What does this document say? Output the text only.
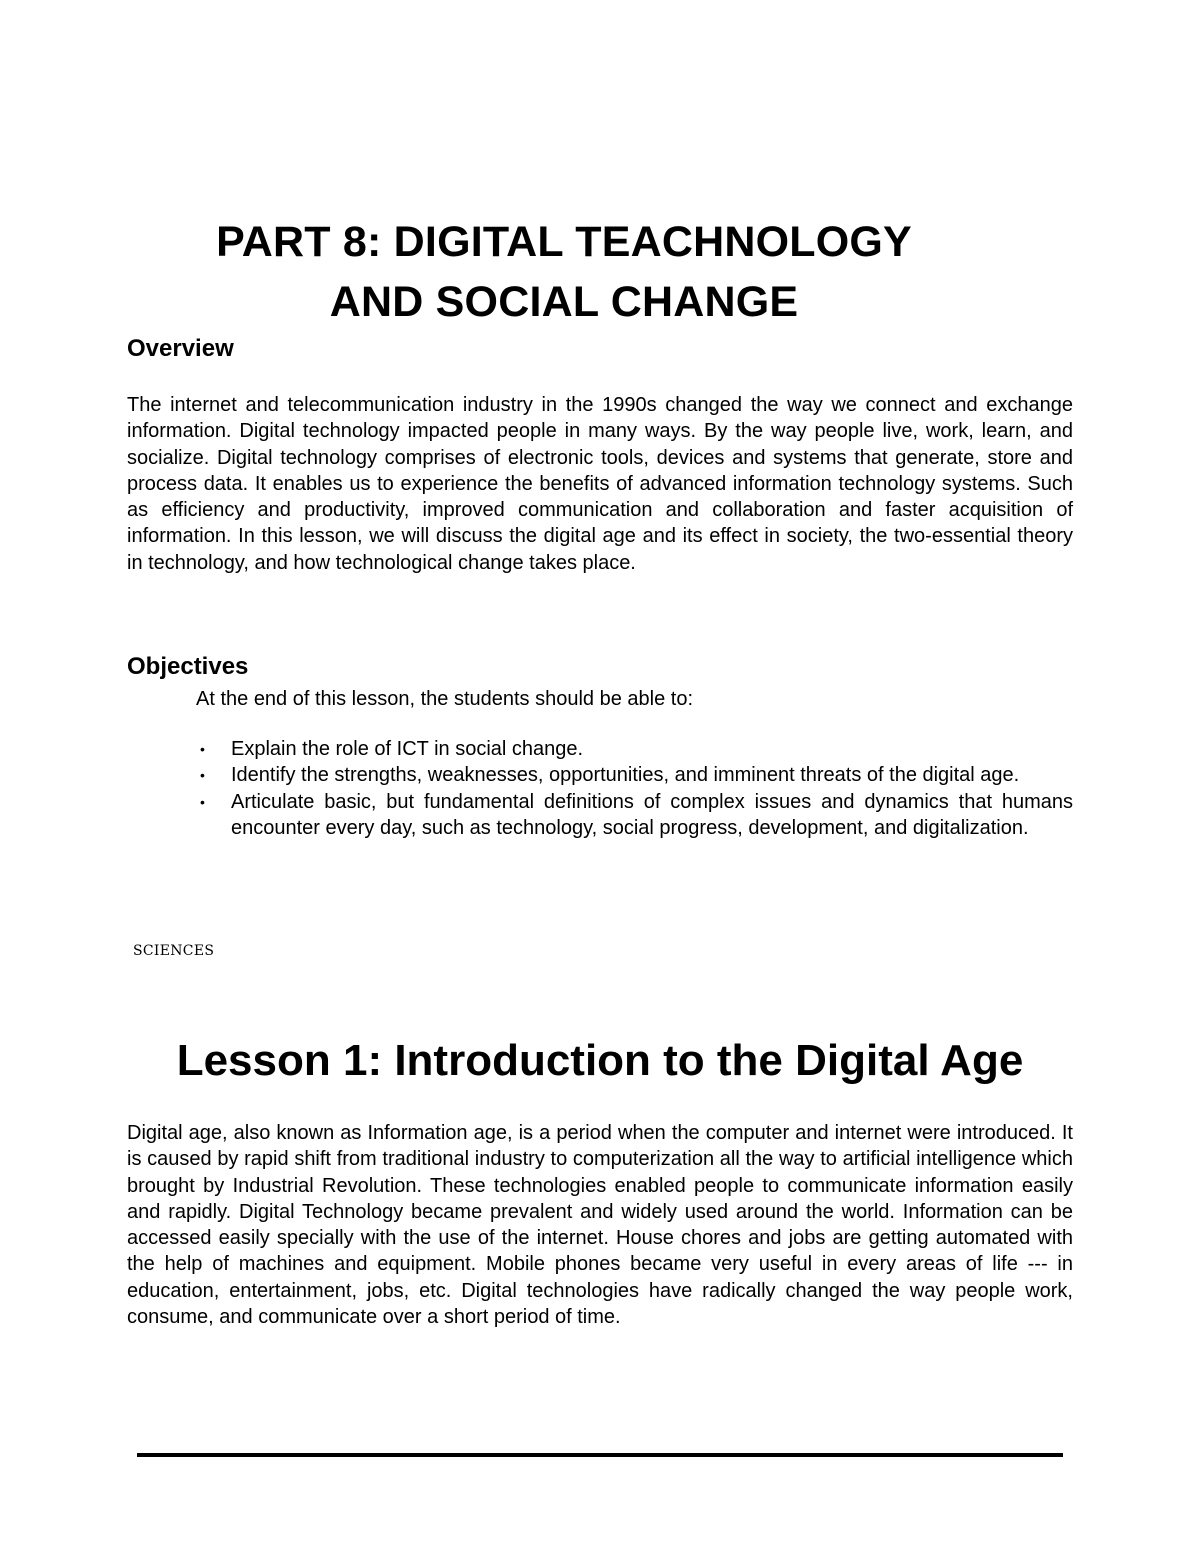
PART 8: DIGITAL TEACHNOLOGY
AND SOCIAL CHANGE
Overview

The internet and telecommunication industry in the 1990s changed the way we connect and exchange information. Digital technology impacted people in many ways. By the way people live, work, learn, and socialize. Digital technology comprises of electronic tools, devices and systems that generate, store and process data. It enables us to experience the benefits of advanced information technology systems. Such as efficiency and productivity, improved communication and collaboration and faster acquisition of information. In this lesson, we will discuss the digital age and its effect in society, the two-essential theory in technology, and how technological change takes place.

Objectives

At the end of this lesson, the students should be able to:

• Explain the role of ICT in social change.
• Identify the strengths, weaknesses, opportunities, and imminent threats of the digital age.
• Articulate basic, but fundamental definitions of complex issues and dynamics that humans encounter every day, such as technology, social progress, development, and digitalization.
SCIENCES
Lesson 1: Introduction to the Digital Age

Digital age, also known as Information age, is a period when the computer and internet were introduced. It is caused by rapid shift from traditional industry to computerization all the way to artificial intelligence which brought by Industrial Revolution. These technologies enabled people to communicate information easily and rapidly. Digital Technology became prevalent and widely used around the world. Information can be accessed easily specially with the use of the internet. House chores and jobs are getting automated with the help of machines and equipment. Mobile phones became very useful in every areas of life --- in education, entertainment, jobs, etc. Digital technologies have radically changed the way people work, consume, and communicate over a short period of time.
